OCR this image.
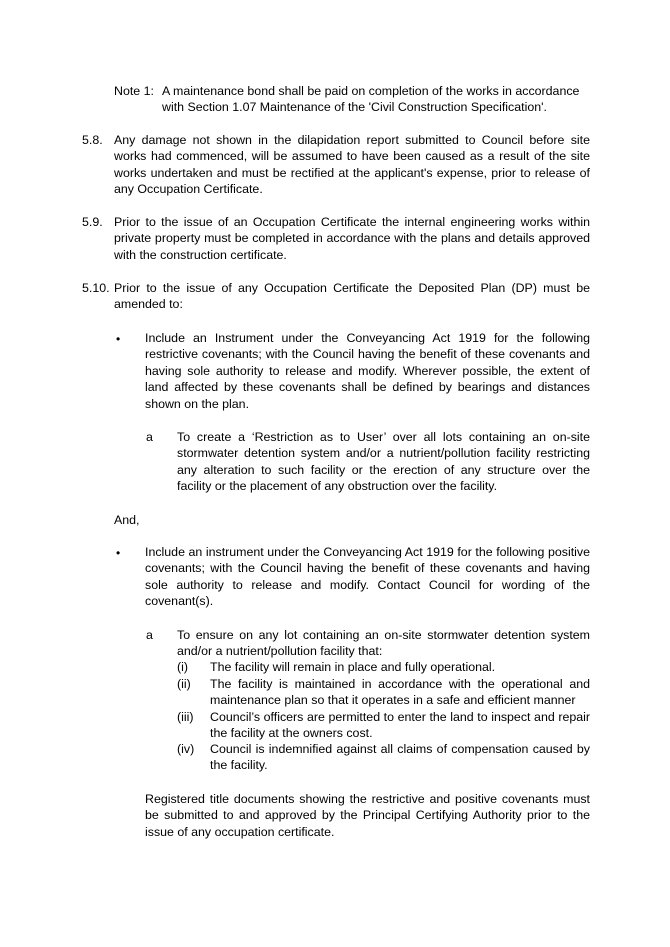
Note 1: A maintenance bond shall be paid on completion of the works in accordance
with Section 1.07 Maintenance of the 'Civil Construction Specification'.
5.8. Any damage not shown in the dilapidation report submitted to Council before site works had commenced, will be assumed to have been caused as a result of the site works undertaken and must be rectified at the applicant's expense, prior to release of any Occupation Certificate.
5.9. Prior to the issue of an Occupation Certificate the internal engineering works within private property must be completed in accordance with the plans and details approved with the construction certificate.
5.10. Prior to the issue of any Occupation Certificate the Deposited Plan (DP) must be amended to:
• Include an Instrument under the Conveyancing Act 1919 for the following restrictive covenants; with the Council having the benefit of these covenants and having sole authority to release and modify. Wherever possible, the extent of land affected by these covenants shall be defined by bearings and distances shown on the plan.
a To create a ‘Restriction as to User’ over all lots containing an on-site stormwater detention system and/or a nutrient/pollution facility restricting any alteration to such facility or the erection of any structure over the facility or the placement of any obstruction over the facility.
And,
• Include an instrument under the Conveyancing Act 1919 for the following positive covenants; with the Council having the benefit of these covenants and having sole authority to release and modify. Contact Council for wording of the covenant(s).
a To ensure on any lot containing an on-site stormwater detention system and/or a nutrient/pollution facility that:
(i) The facility will remain in place and fully operational.
(ii) The facility is maintained in accordance with the operational and maintenance plan so that it operates in a safe and efficient manner
(iii) Council’s officers are permitted to enter the land to inspect and repair the facility at the owners cost.
(iv) Council is indemnified against all claims of compensation caused by the facility.
Registered title documents showing the restrictive and positive covenants must be submitted to and approved by the Principal Certifying Authority prior to the issue of any occupation certificate.
